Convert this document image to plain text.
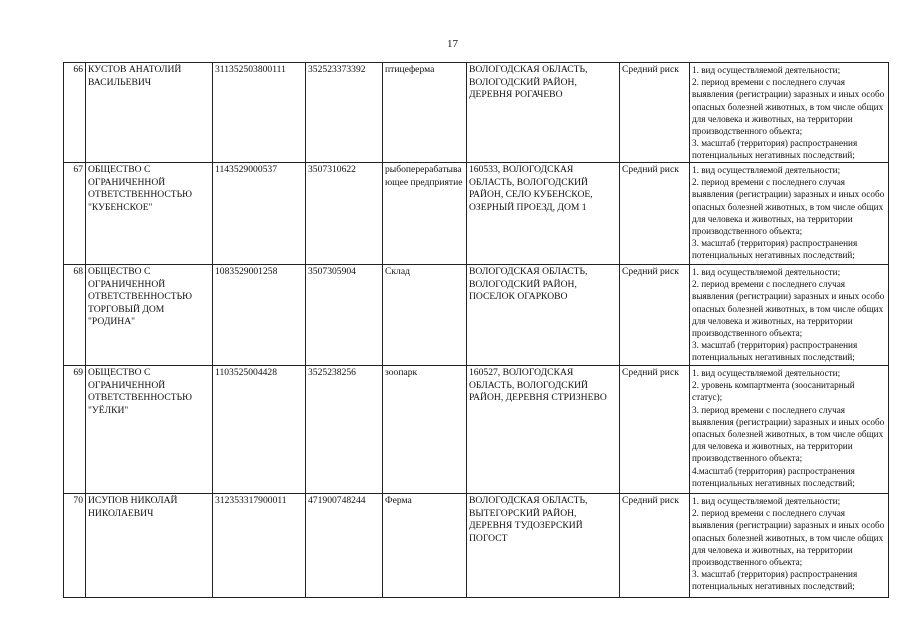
17
66	КУСТОВ АНАТОЛИЙ ВАСИЛЬЕВИЧ	311352503800111	352523373392	птицеферма	ВОЛОГОДСКАЯ ОБЛАСТЬ, ВОЛОГОДСКИЙ РАЙОН, ДЕРЕВНЯ РОГАЧЕВО	Средний риск	1. вид осуществляемой деятельности;
2. период времени с последнего случая выявления (регистрации) заразных и иных особо опасных болезней животных, в том числе общих для человека и животных, на территории производственного объекта;
3. масштаб (территория) распространения потенциальных негативных последствий;

67	ОБЩЕСТВО С ОГРАНИЧЕННОЙ ОТВЕТСТВЕННОСТЬЮ "КУБЕНСКОЕ"	1143529000537	3507310622	рыбоперерабатывающее предприятие	160533, ВОЛОГОДСКАЯ ОБЛАСТЬ, ВОЛОГОДСКИЙ РАЙОН, СЕЛО КУБЕНСКОЕ, ОЗЕРНЫЙ ПРОЕЗД, ДОМ 1	Средний риск	1. вид осуществляемой деятельности;
2. период времени с последнего случая выявления (регистрации) заразных и иных особо опасных болезней животных, в том числе общих для человека и животных, на территории производственного объекта;
3. масштаб (территория) распространения потенциальных негативных последствий;

68	ОБЩЕСТВО С ОГРАНИЧЕННОЙ ОТВЕТСТВЕННОСТЬЮ ТОРГОВЫЙ ДОМ "РОДИНА"	1083529001258	3507305904	Склад	ВОЛОГОДСКАЯ ОБЛАСТЬ, ВОЛОГОДСКИЙ РАЙОН, ПОСЕЛОК ОГАРКОВО	Средний риск	1. вид осуществляемой деятельности;
2. период времени с последнего случая выявления (регистрации) заразных и иных особо опасных болезней животных, в том числе общих для человека и животных, на территории производственного объекта;
3. масштаб (территория) распространения потенциальных негативных последствий;

69	ОБЩЕСТВО С ОГРАНИЧЕННОЙ ОТВЕТСТВЕННОСТЬЮ "УЁЛКИ"	1103525004428	3525238256	зоопарк	160527, ВОЛОГОДСКАЯ ОБЛАСТЬ, ВОЛОГОДСКИЙ РАЙОН, ДЕРЕВНЯ СТРИЗНЕВО	Средний риск	1. вид осуществляемой деятельности;
2. уровень компартмента (зоосанитарный статус);
3. период времени с последнего случая выявления (регистрации) заразных и иных особо опасных болезней животных, в том числе общих для человека и животных, на территории производственного объекта;
4.масштаб (территория) распространения потенциальных негативных последствий;

70	ИСУПОВ НИКОЛАЙ НИКОЛАЕВИЧ	312353317900011	471900748244	Ферма	ВОЛОГОДСКАЯ ОБЛАСТЬ, ВЫТЕГОРСКИЙ РАЙОН, ДЕРЕВНЯ ТУДОЗЕРСКИЙ ПОГОСТ	Средний риск	1. вид осуществляемой деятельности;
2. период времени с последнего случая выявления (регистрации) заразных и иных особо опасных болезней животных, в том числе общих для человека и животных, на территории производственного объекта;
3. масштаб (территория) распространения потенциальных негативных последствий;
